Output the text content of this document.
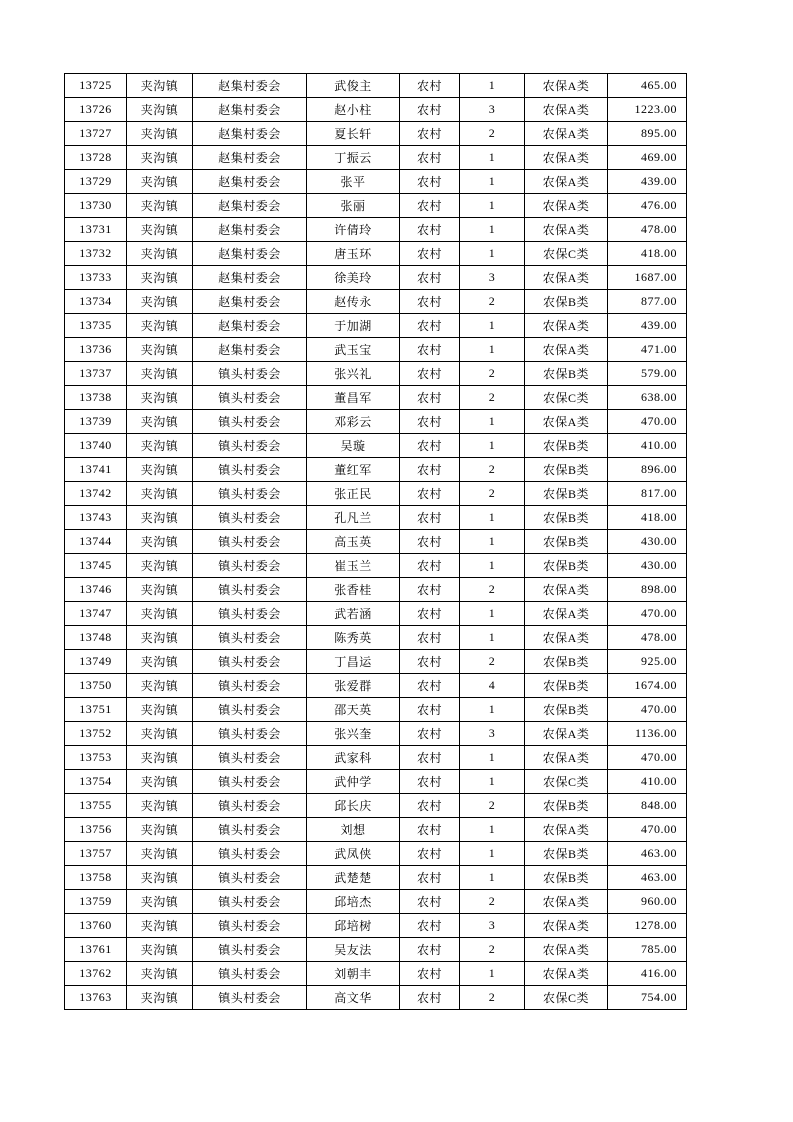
13725	夹沟镇	赵集村委会	武俊主	农村	1	农保A类	465.00
13726	夹沟镇	赵集村委会	赵小柱	农村	3	农保A类	1223.00
13727	夹沟镇	赵集村委会	夏长轩	农村	2	农保A类	895.00
13728	夹沟镇	赵集村委会	丁振云	农村	1	农保A类	469.00
13729	夹沟镇	赵集村委会	张平	农村	1	农保A类	439.00
13730	夹沟镇	赵集村委会	张丽	农村	1	农保A类	476.00
13731	夹沟镇	赵集村委会	许倩玲	农村	1	农保A类	478.00
13732	夹沟镇	赵集村委会	唐玉环	农村	1	农保C类	418.00
13733	夹沟镇	赵集村委会	徐美玲	农村	3	农保A类	1687.00
13734	夹沟镇	赵集村委会	赵传永	农村	2	农保B类	877.00
13735	夹沟镇	赵集村委会	于加湖	农村	1	农保A类	439.00
13736	夹沟镇	赵集村委会	武玉宝	农村	1	农保A类	471.00
13737	夹沟镇	镇头村委会	张兴礼	农村	2	农保B类	579.00
13738	夹沟镇	镇头村委会	董昌军	农村	2	农保C类	638.00
13739	夹沟镇	镇头村委会	邓彩云	农村	1	农保A类	470.00
13740	夹沟镇	镇头村委会	吴璇	农村	1	农保B类	410.00
13741	夹沟镇	镇头村委会	董红军	农村	2	农保B类	896.00
13742	夹沟镇	镇头村委会	张正民	农村	2	农保B类	817.00
13743	夹沟镇	镇头村委会	孔凡兰	农村	1	农保B类	418.00
13744	夹沟镇	镇头村委会	高玉英	农村	1	农保B类	430.00
13745	夹沟镇	镇头村委会	崔玉兰	农村	1	农保B类	430.00
13746	夹沟镇	镇头村委会	张香桂	农村	2	农保A类	898.00
13747	夹沟镇	镇头村委会	武若涵	农村	1	农保A类	470.00
13748	夹沟镇	镇头村委会	陈秀英	农村	1	农保A类	478.00
13749	夹沟镇	镇头村委会	丁昌运	农村	2	农保B类	925.00
13750	夹沟镇	镇头村委会	张爱群	农村	4	农保B类	1674.00
13751	夹沟镇	镇头村委会	邵天英	农村	1	农保B类	470.00
13752	夹沟镇	镇头村委会	张兴奎	农村	3	农保A类	1136.00
13753	夹沟镇	镇头村委会	武家科	农村	1	农保A类	470.00
13754	夹沟镇	镇头村委会	武仲学	农村	1	农保C类	410.00
13755	夹沟镇	镇头村委会	邱长庆	农村	2	农保B类	848.00
13756	夹沟镇	镇头村委会	刘想	农村	1	农保A类	470.00
13757	夹沟镇	镇头村委会	武凤侠	农村	1	农保B类	463.00
13758	夹沟镇	镇头村委会	武楚楚	农村	1	农保B类	463.00
13759	夹沟镇	镇头村委会	邱培杰	农村	2	农保A类	960.00
13760	夹沟镇	镇头村委会	邱培树	农村	3	农保A类	1278.00
13761	夹沟镇	镇头村委会	吴友法	农村	2	农保A类	785.00
13762	夹沟镇	镇头村委会	刘朝丰	农村	1	农保A类	416.00
13763	夹沟镇	镇头村委会	高文华	农村	2	农保C类	754.00
